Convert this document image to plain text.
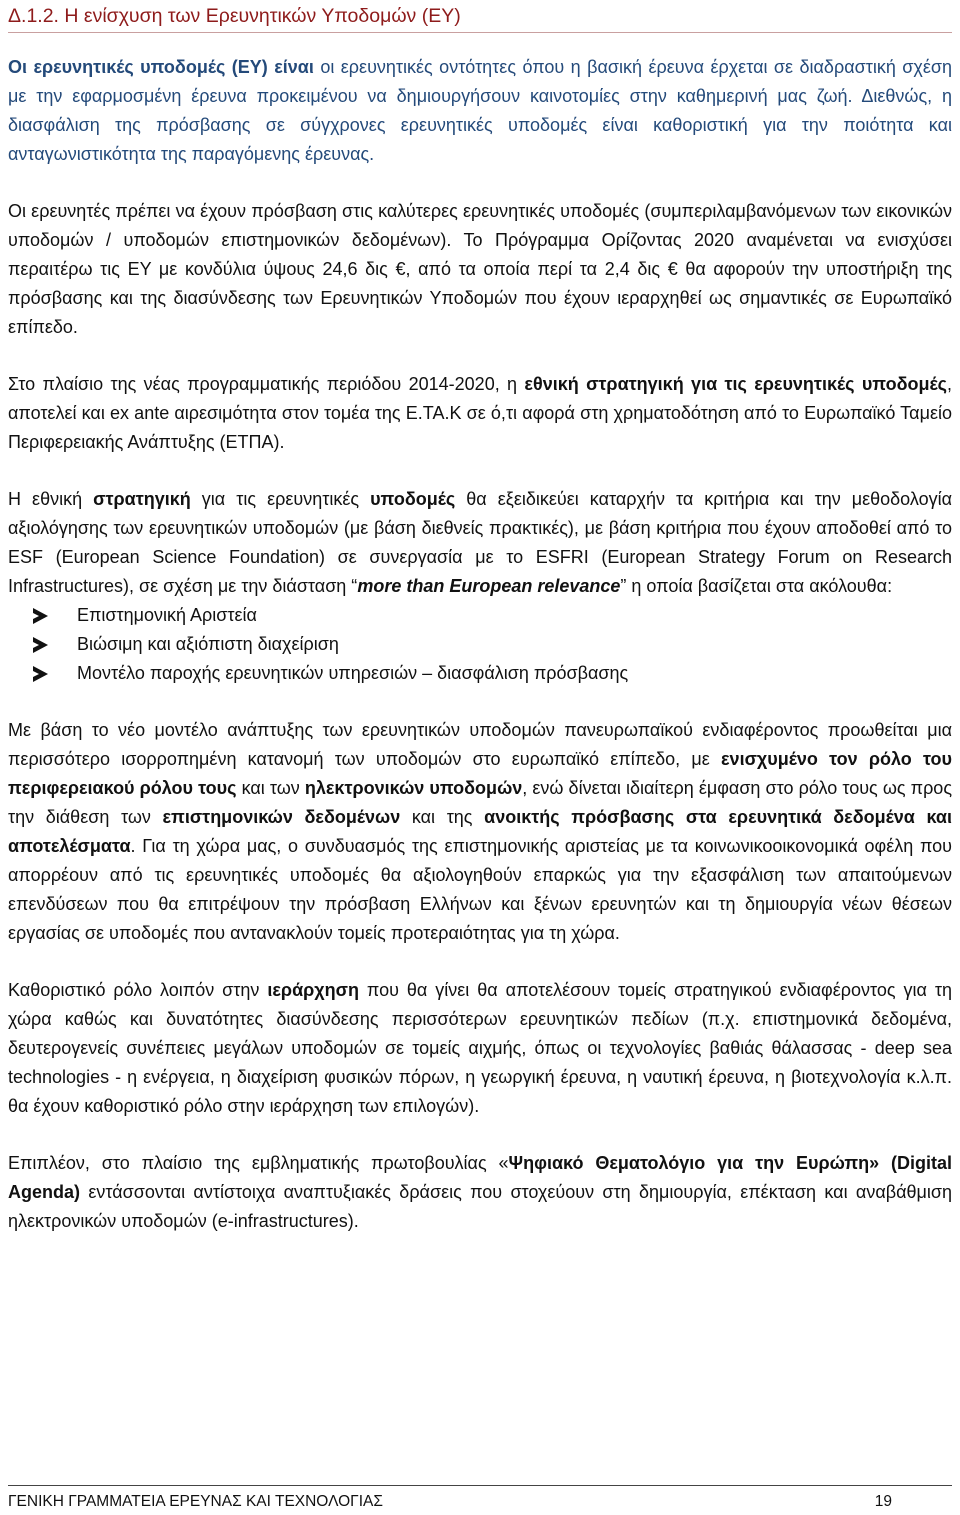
Δ.1.2. Η ενίσχυση των Ερευνητικών Υποδομών (ΕΥ)

Οι ερευνητικές υποδομές (ΕΥ) είναι οι ερευνητικές οντότητες όπου η βασική έρευνα έρχεται σε διαδραστική σχέση με την εφαρμοσμένη έρευνα προκειμένου να δημιουργήσουν καινοτομίες στην καθημερινή μας ζωή. Διεθνώς, η διασφάλιση της πρόσβασης σε σύγχρονες ερευνητικές υποδομές είναι καθοριστική για την ποιότητα και ανταγωνιστικότητα της παραγόμενης έρευνας.

Οι ερευνητές πρέπει να έχουν πρόσβαση στις καλύτερες ερευνητικές υποδομές (συμπεριλαμβανόμενων των εικονικών υποδομών / υποδομών επιστημονικών δεδομένων). Το Πρόγραμμα Ορίζοντας 2020 αναμένεται να ενισχύσει περαιτέρω τις ΕΥ με κονδύλια ύψους 24,6 δις €, από τα οποία περί τα 2,4 δις € θα αφορούν την υποστήριξη της πρόσβασης και της διασύνδεσης των Ερευνητικών Υποδομών που έχουν ιεραρχηθεί ως σημαντικές σε Ευρωπαϊκό επίπεδο.

Στο πλαίσιο της νέας προγραμματικής περιόδου 2014-2020, η εθνική στρατηγική για τις ερευνητικές υποδομές, αποτελεί και ex ante αιρεσιμότητα στον τομέα της Ε.ΤΑ.Κ σε ό,τι αφορά στη χρηματοδότηση από το Ευρωπαϊκό Ταμείο Περιφερειακής Ανάπτυξης (ΕΤΠΑ).

Η εθνική στρατηγική για τις ερευνητικές υποδομές θα εξειδικεύει καταρχήν τα κριτήρια και την μεθοδολογία αξιολόγησης των ερευνητικών υποδομών (με βάση διεθνείς πρακτικές), με βάση κριτήρια που έχουν αποδοθεί από το ESF (European Science Foundation) σε συνεργασία με το ESFRI (European Strategy Forum on Research Infrastructures), σε σχέση με την διάσταση “more than European relevance” η οποία βασίζεται στα ακόλουθα:

Επιστημονική Αριστεία
Βιώσιμη και αξιόπιστη διαχείριση
Μοντέλο παροχής ερευνητικών υπηρεσιών – διασφάλιση πρόσβασης

Με βάση το νέο μοντέλο ανάπτυξης των ερευνητικών υποδομών πανευρωπαϊκού ενδιαφέροντος προωθείται μια περισσότερο ισορροπημένη κατανομή των υποδομών στο ευρωπαϊκό επίπεδο, με ενισχυμένο τον ρόλο του περιφερειακού ρόλου τους και των ηλεκτρονικών υποδομών, ενώ δίνεται ιδιαίτερη έμφαση στο ρόλο τους ως προς την διάθεση των επιστημονικών δεδομένων και της ανοικτής πρόσβασης στα ερευνητικά δεδομένα και αποτελέσματα. Για τη χώρα μας, ο συνδυασμός της επιστημονικής αριστείας με τα κοινωνικοοικονομικά οφέλη που απορρέουν από τις ερευνητικές υποδομές θα αξιολογηθούν επαρκώς για την εξασφάλιση των απαιτούμενων επενδύσεων που θα επιτρέψουν την πρόσβαση Ελλήνων και ξένων ερευνητών και τη δημιουργία νέων θέσεων εργασίας σε υποδομές που αντανακλούν τομείς προτεραιότητας για τη χώρα.

Καθοριστικό ρόλο λοιπόν στην ιεράρχηση που θα γίνει θα αποτελέσουν τομείς στρατηγικού ενδιαφέροντος για τη χώρα καθώς και δυνατότητες διασύνδεσης περισσότερων ερευνητικών πεδίων (π.χ. επιστημονικά δεδομένα, δευτερογενείς συνέπειες μεγάλων υποδομών σε τομείς αιχμής, όπως οι τεχνολογίες βαθιάς θάλασσας - deep sea technologies - η ενέργεια, η διαχείριση φυσικών πόρων, η γεωργική έρευνα, η ναυτική έρευνα, η βιοτεχνολογία κ.λ.π. θα έχουν καθοριστικό ρόλο στην ιεράρχηση των επιλογών).

Επιπλέον, στο πλαίσιο της εμβληματικής πρωτοβουλίας «Ψηφιακό Θεματολόγιο για την Ευρώπη» (Digital Agenda) εντάσσονται αντίστοιχα αναπτυξιακές δράσεις που στοχεύουν στη δημιουργία, επέκταση και αναβάθμιση ηλεκτρονικών υποδομών (e-infrastructures).

ΓΕΝΙΚΗ ΓΡΑΜΜΑΤΕΙΑ ΕΡΕΥΝΑΣ ΚΑΙ ΤΕΧΝΟΛΟΓΙΑΣ	19
